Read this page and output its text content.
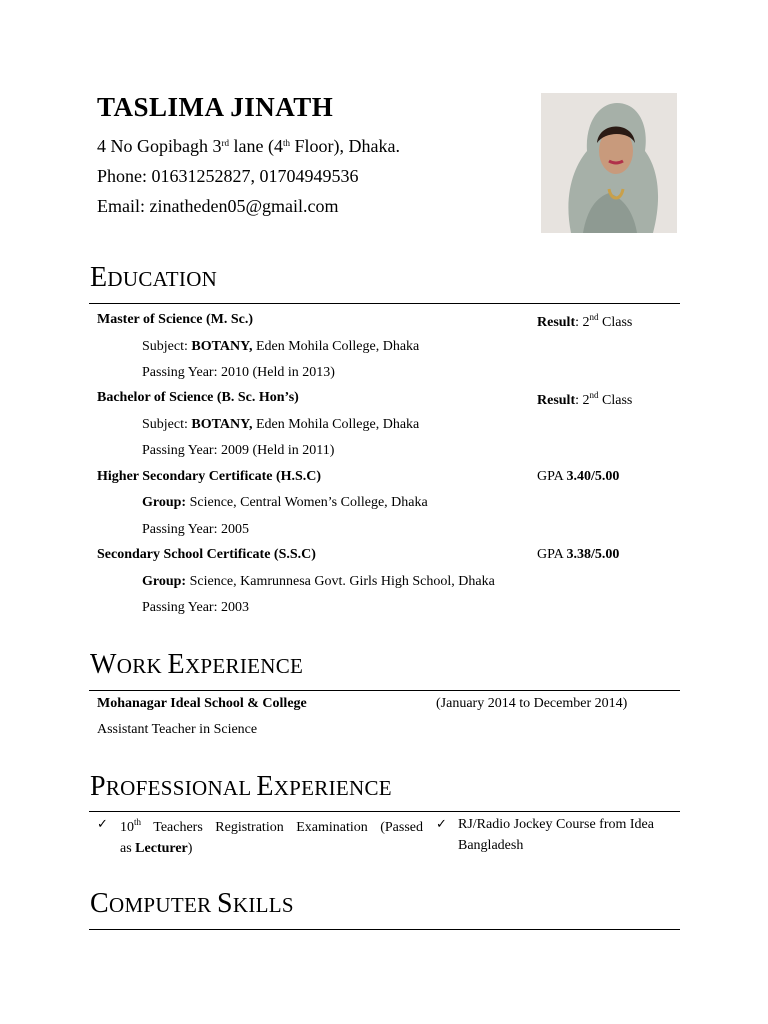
TASLIMA JINATH
4 No Gopibagh 3rd lane (4th Floor), Dhaka.
Phone: 01631252827, 01704949536
Email: zinatheden05@gmail.com
EDUCATION
Master of Science (M. Sc.)	Result: 2nd Class
Subject: BOTANY, Eden Mohila College, Dhaka
Passing Year: 2010 (Held in 2013)
Bachelor of Science (B. Sc. Hon’s)	Result: 2nd Class
Subject: BOTANY, Eden Mohila College, Dhaka
Passing Year: 2009 (Held in 2011)
Higher Secondary Certificate (H.S.C)	GPA 3.40/5.00
Group: Science, Central Women’s College, Dhaka
Passing Year: 2005
Secondary School Certificate (S.S.C)	GPA 3.38/5.00
Group: Science, Kamrunnesa Govt. Girls High School, Dhaka
Passing Year: 2003
WORK EXPERIENCE
Mohanagar Ideal School & College	(January 2014 to December 2014)
Assistant Teacher in Science
PROFESSIONAL EXPERIENCE
✓ 10th Teachers Registration Examination (Passed
as Lecturer)
✓ RJ/Radio Jockey Course from Idea
Bangladesh
COMPUTER SKILLS
